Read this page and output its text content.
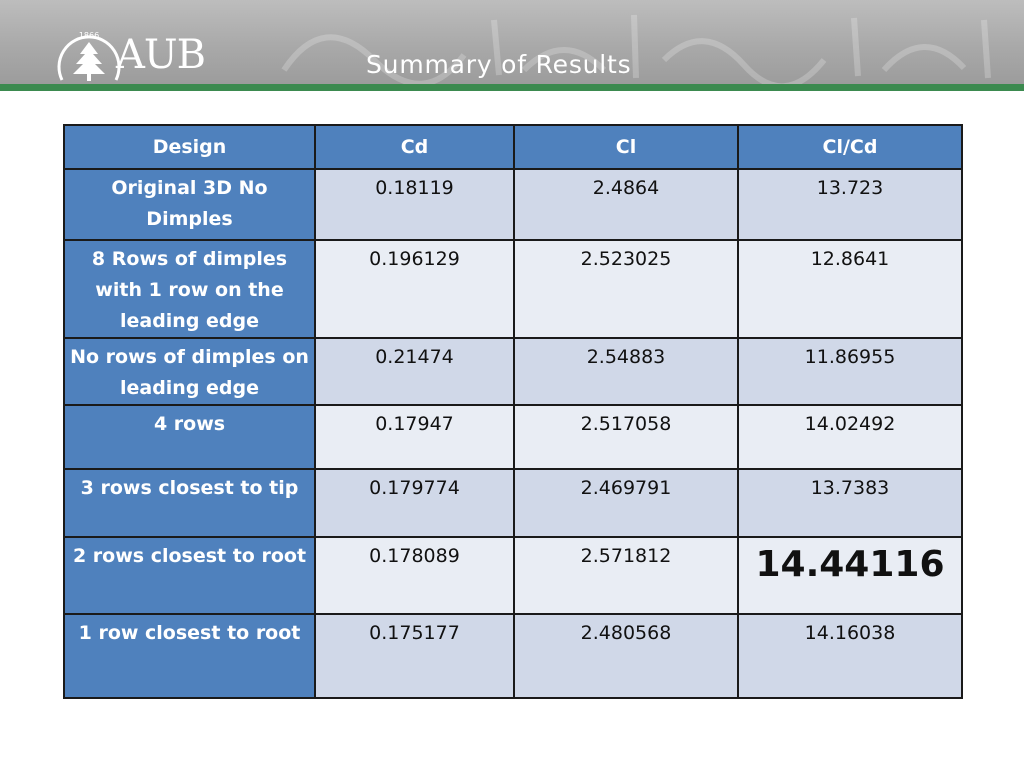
1866 AUB	Summary of Results
Design	Cd	Cl	Cl/Cd
Original 3D No Dimples	0.18119	2.4864	13.723
8 Rows of dimples with 1 row on the leading edge	0.196129	2.523025	12.8641
No rows of dimples on leading edge	0.21474	2.54883	11.86955
4 rows	0.17947	2.517058	14.02492
3 rows closest to tip	0.179774	2.469791	13.7383
2 rows closest to root	0.178089	2.571812	14.44116
1 row closest to root	0.175177	2.480568	14.16038
